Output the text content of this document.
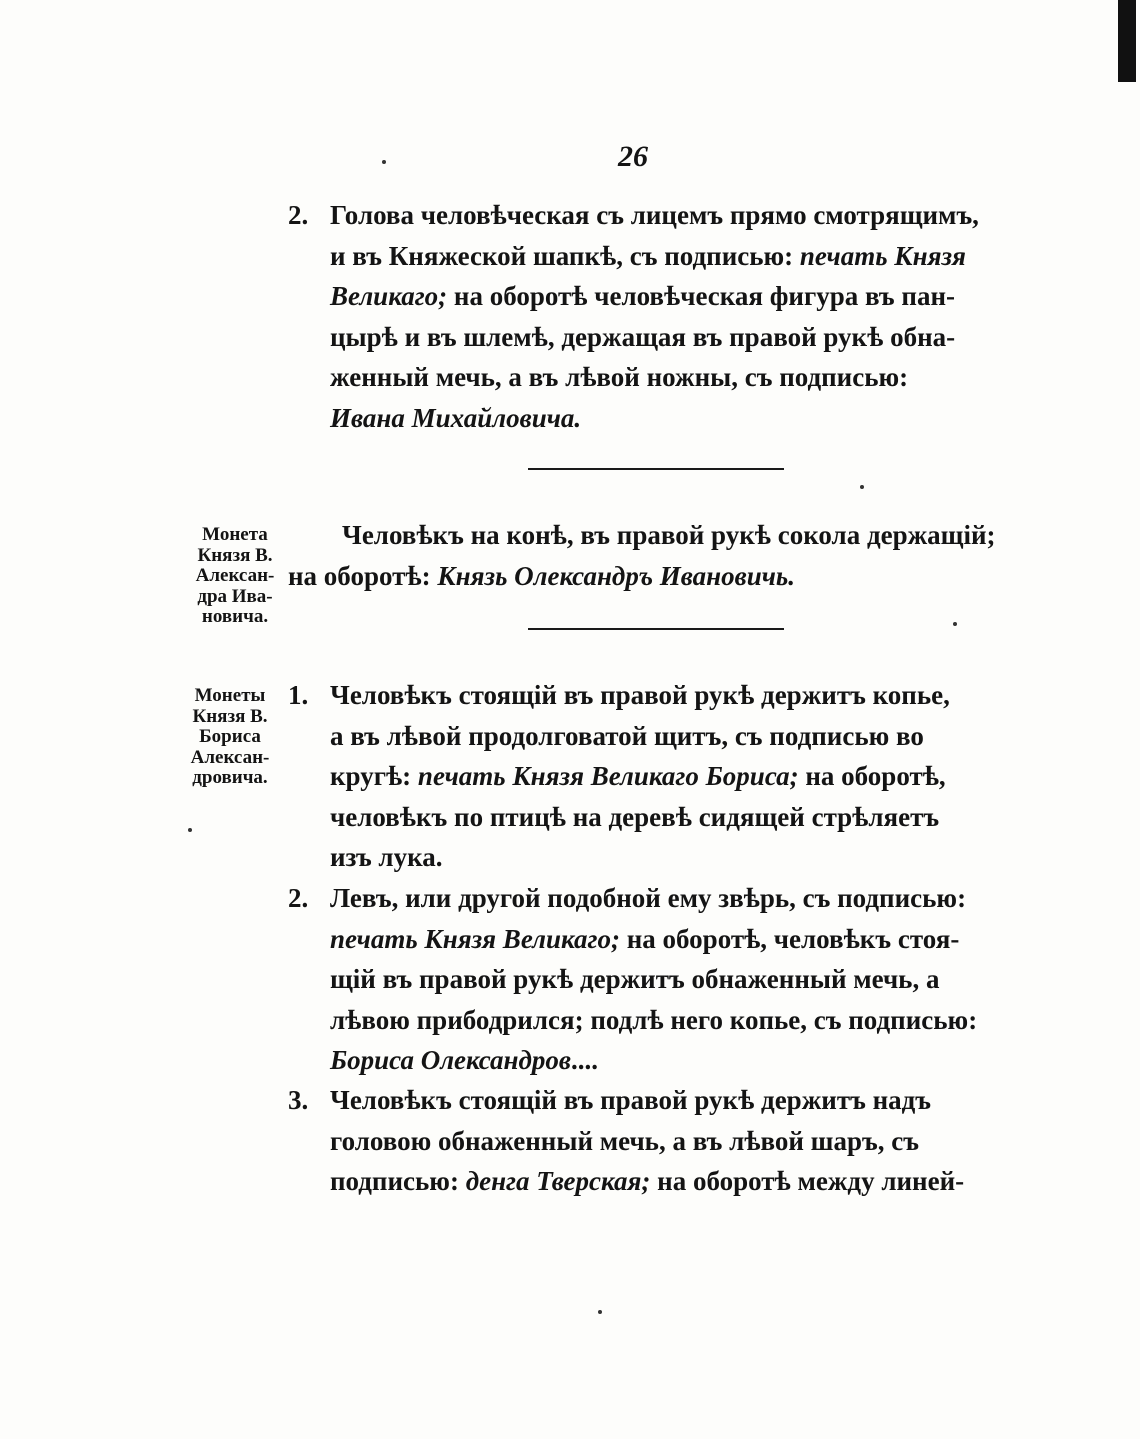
26
2. Голова человѣческая съ лицемъ прямо смотрящимъ,
и въ Княжеской шапкѣ, съ подписью: печать Князя
Великаго; на оборотѣ человѣческая фигура въ пан-
цырѣ и въ шлемѣ, держащая въ правой рукѣ обна-
женный мечь, а въ лѣвой ножны, съ подписью:
Ивана Михайловича.
Монета
Князя В.
Алексан-
дра Ива-
новича.
Человѣкъ на конѣ, въ правой рукѣ сокола держащій;
на оборотѣ: Князь Олександръ Ивановичь.
Монеты
Князя В.
Бориса
Алексан-
дровича.
1. Человѣкъ стоящій въ правой рукѣ держитъ копье,
а въ лѣвой продолговатой щитъ, съ подписью во
кругѣ: печать Князя Великаго Бориса; на оборотѣ,
человѣкъ по птицѣ на деревѣ сидящей стрѣляетъ
изъ лука.
2. Левъ, или другой подобной ему звѣрь, съ подписью:
печать Князя Великаго; на оборотѣ, человѣкъ стоя-
щій въ правой рукѣ держитъ обнаженный мечь, а
лѣвою прибодрился; подлѣ него копье, съ подписью:
Бориса Олександров....
3. Человѣкъ стоящій въ правой рукѣ держитъ надъ
головою обнаженный мечь, а въ лѣвой шаръ, съ
подписью: денга Тверская; на оборотѣ между линей-
